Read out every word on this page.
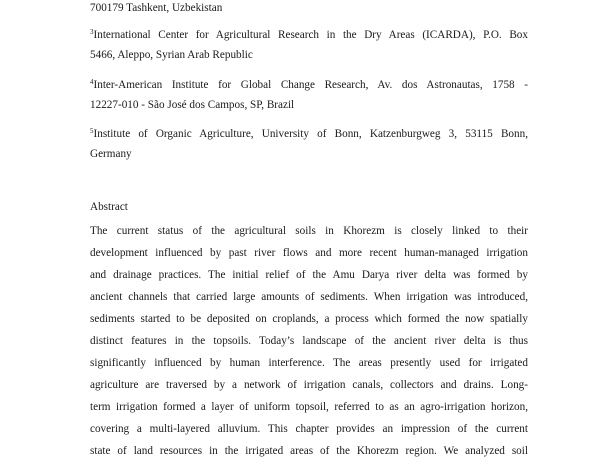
700179 Tashkent, Uzbekistan
$^3$International Center for Agricultural Research in the Dry Areas (ICARDA), P.O. Box
5466, Aleppo, Syrian Arab Republic
$^4$Inter-American Institute for Global Change Research, Av. dos Astronautas, 1758 -
12227-010 - São José dos Campos, SP, Brazil
$^5$Institute of Organic Agriculture, University of Bonn, Katzenburgweg 3, 53115 Bonn,
Germany
Abstract
The current status of the agricultural soils in Khorezm is closely linked to their
development influenced by past river flows and more recent human-managed irrigation
and drainage practices. The initial relief of the Amu Darya river delta was formed by
ancient channels that carried large amounts of sediments. When irrigation was introduced,
sediments started to be deposited on croplands, a process which formed the now spatially
distinct features in the topsoils. Today’s landscape of the ancient river delta is thus
significantly influenced by human interference. The areas presently used for irrigated
agriculture are traversed by a network of irrigation canals, collectors and drains. Long-
term irrigation formed a layer of uniform topsoil, referred to as an agro-irrigation horizon,
covering a multi-layered alluvium. This chapter provides an impression of the current
state of land resources in the irrigated areas of the Khorezm region. We analyzed soil
